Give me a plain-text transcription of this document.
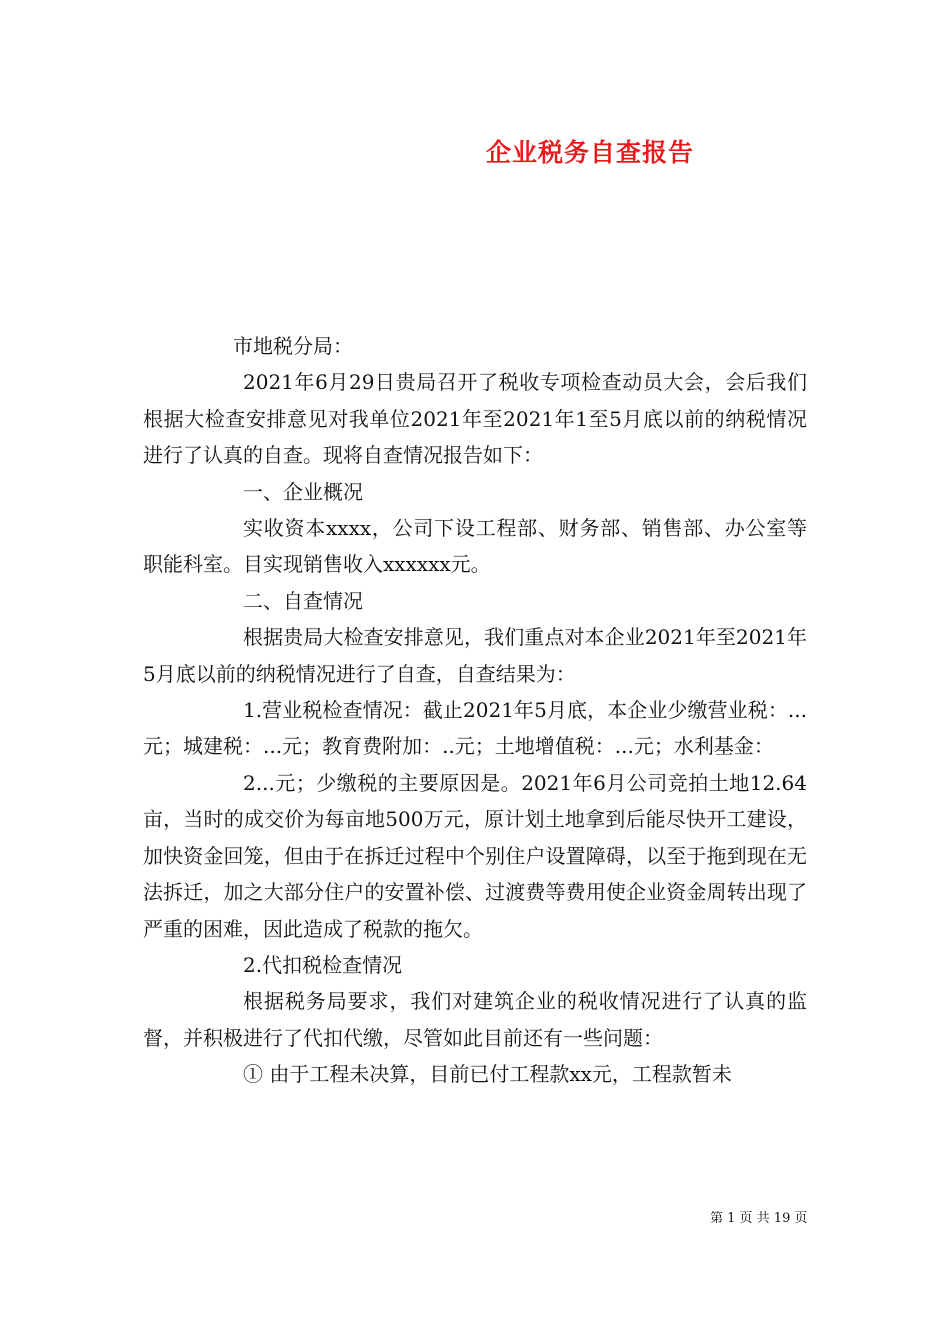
企业税务自查报告

市地税分局：

2021年6月29日贵局召开了税收专项检查动员大会，会后我们根据大检查安排意见对我单位2021年至2021年1至5月底以前的纳税情况进行了认真的自查。现将自查情况报告如下：

一、企业概况

实收资本xxxx，公司下设工程部、财务部、销售部、办公室等职能科室。目实现销售收入xxxxxx元。

二、自查情况

根据贵局大检查安排意见，我们重点对本企业2021年至2021年5月底以前的纳税情况进行了自查，自查结果为：

1.营业税检查情况：截止2021年5月底，本企业少缴营业税：...元；城建税：...元；教育费附加：..元；土地增值税：...元；水利基金：

2...元；少缴税的主要原因是。2021年6月公司竞拍土地12.64亩，当时的成交价为每亩地500万元，原计划土地拿到后能尽快开工建设，加快资金回笼，但由于在拆迁过程中个别住户设置障碍，以至于拖到现在无法拆迁，加之大部分住户的安置补偿、过渡费等费用使企业资金周转出现了严重的困难，因此造成了税款的拖欠。

2.代扣税检查情况

根据税务局要求，我们对建筑企业的税收情况进行了认真的监督，并积极进行了代扣代缴，尽管如此目前还有一些问题：

① 由于工程未决算，目前已付工程款xx元，工程款暂未

第 1 页 共 19 页
